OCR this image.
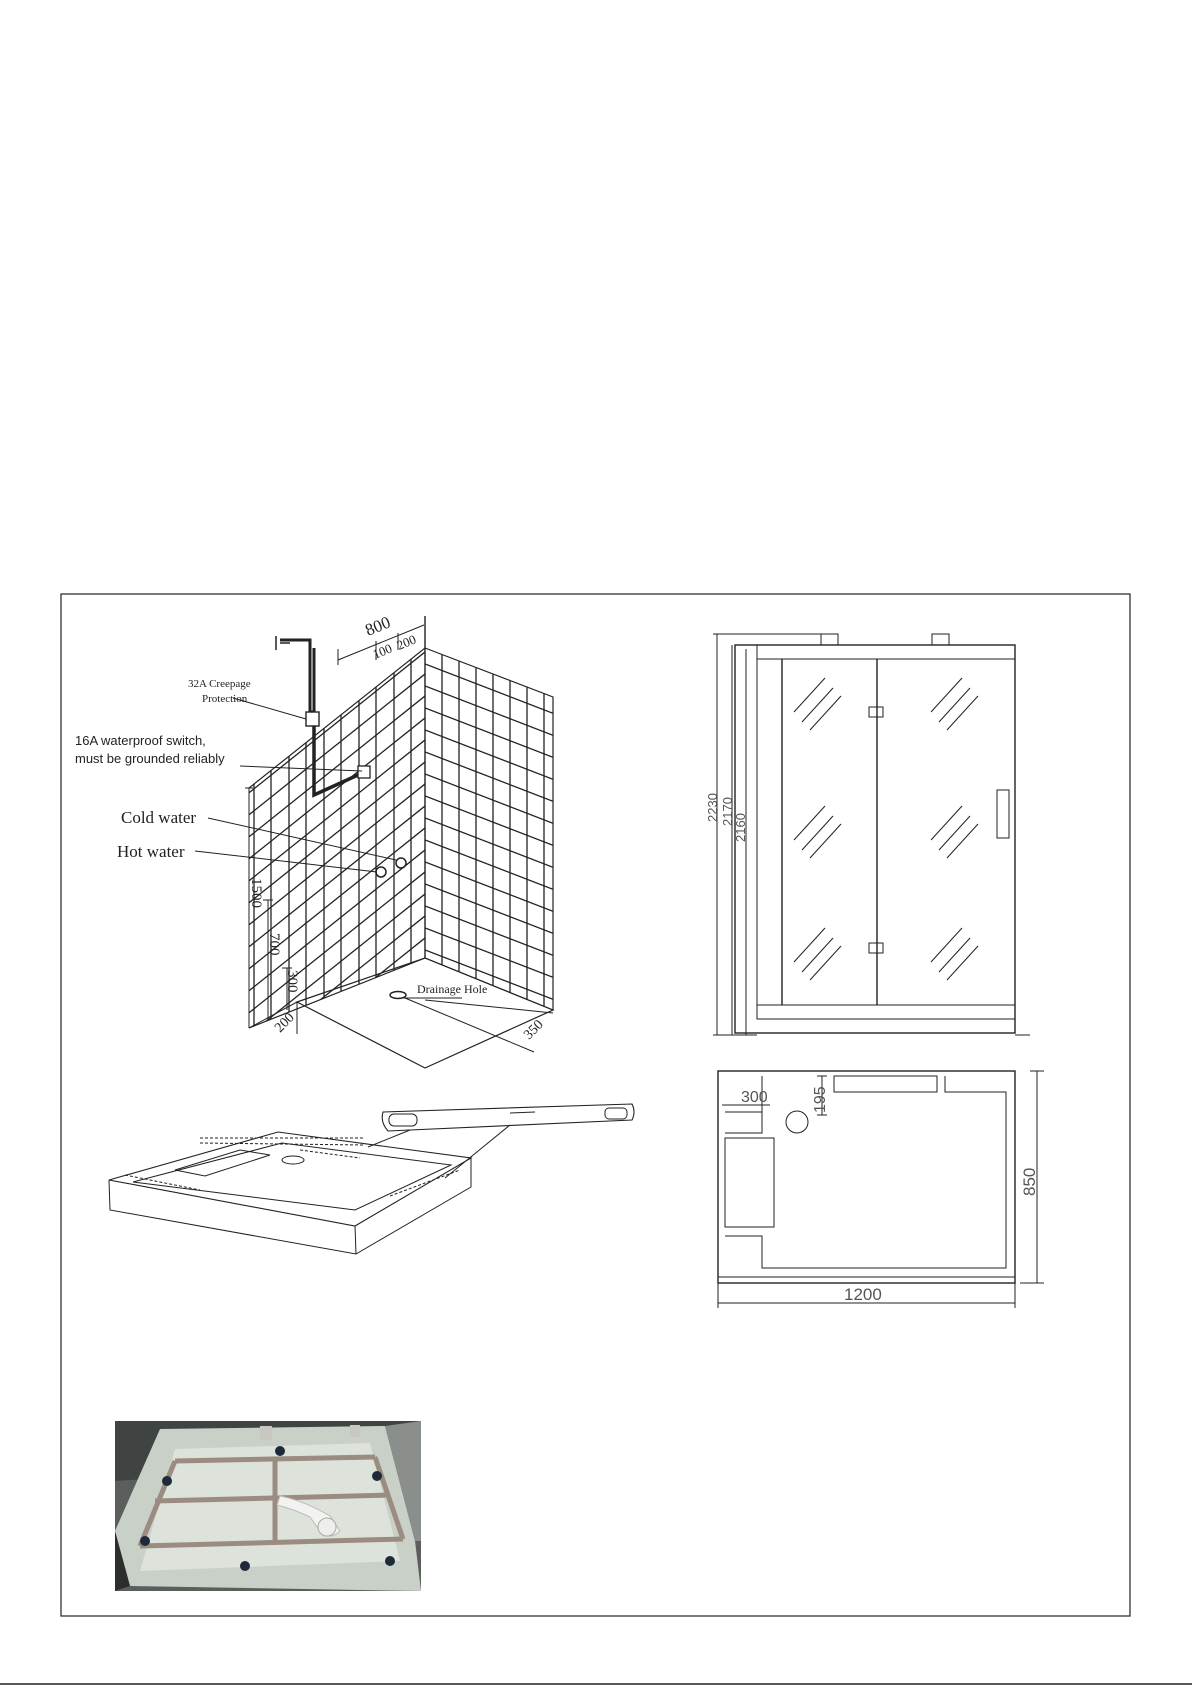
32A Creepage
Protection
16A waterproof switch,
must be grounded reliably
Cold water
Hot water
Drainage Hole
800
100 200
1500
700
300
200	350
2230 2170
2160
300	195
850
1200
